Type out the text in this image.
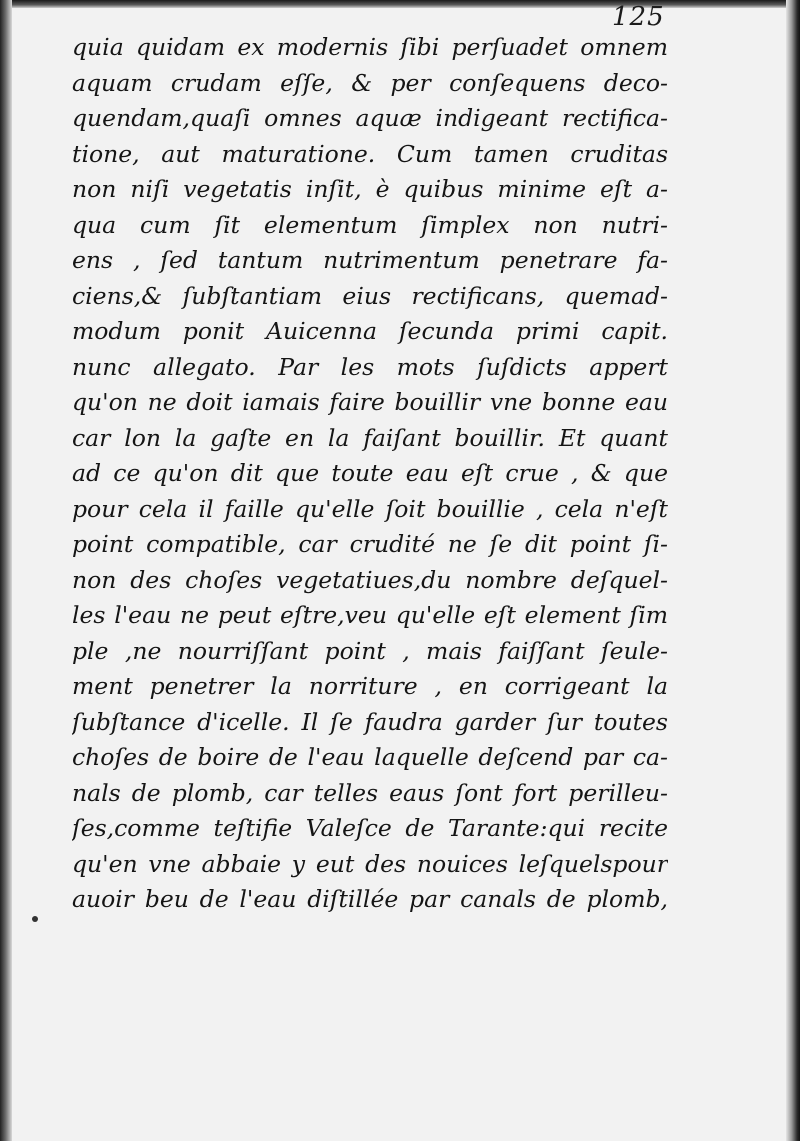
125
quia quidam ex modernis ſibi perſuadet omnem
aquam crudam eſſe, & per conſequens deco-
quendam,quaſi omnes aquæ indigeant rectifica-
tione, aut maturatione. Cum tamen cruditas
non niſi vegetatis inſit, è quibus minime eſt a-
qua cum ſit elementum ſimplex non nutri-
ens , ſed tantum nutrimentum penetrare fa-
ciens,& ſubſtantiam eius rectificans, quemad-
modum ponit Auicenna ſecunda primi capit.
nunc allegato. Par les mots ſuſdicts appert
qu'on ne doit iamais faire bouillir vne bonne eau
car lon la gaſte en la faiſant bouillir. Et quant
ad ce qu'on dit que toute eau eſt crue , & que
pour cela il faille qu'elle ſoit bouillie , cela n'eſt
point compatible, car crudité ne ſe dit point ſi-
non des choſes vegetatiues,du nombre deſquel-
les l'eau ne peut eſtre,veu qu'elle eſt element ſim
ple ,ne nourriſſant point , mais faiſſant ſeule-
ment penetrer la norriture , en corrigeant la
ſubſtance d'icelle. Il ſe faudra garder ſur toutes
choſes de boire de l'eau laquelle deſcend par ca-
nals de plomb, car telles eaus ſont fort perilleu-
ſes,comme teſtifie Valeſce de Tarante:qui recite
qu'en vne abbaie y eut des nouices leſquelspour
auoir beu de l'eau diſtillée par canals de plomb,
